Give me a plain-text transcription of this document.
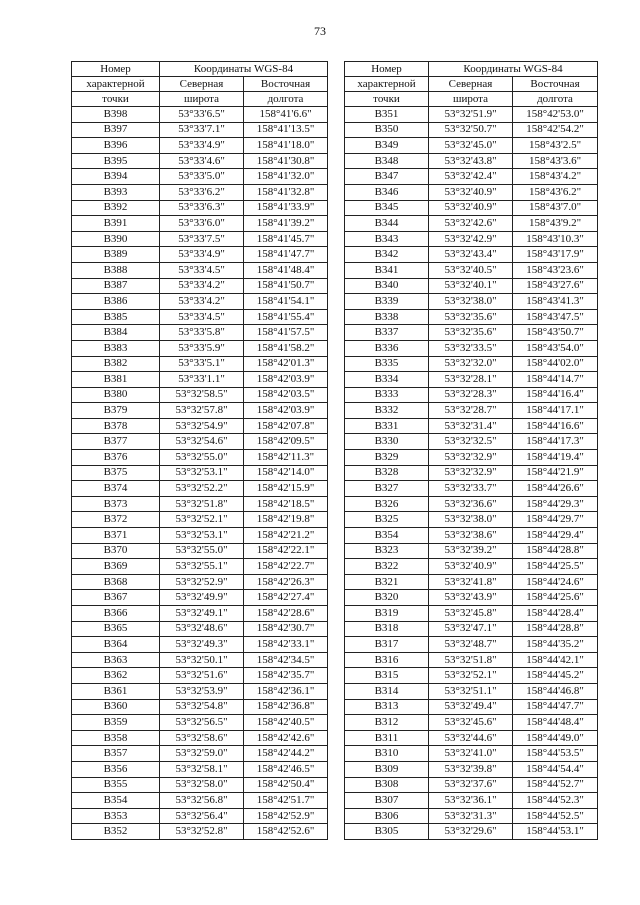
73
Номер	Координаты WGS-84	
характерной	Северная	Восточная
точки	широта	долгота
B398	53°33'6.5"	158°41'6.6"
B397	53°33'7.1"	158°41'13.5"
B396	53°33'4.9"	158°41'18.0"
B395	53°33'4.6"	158°41'30.8"
B394	53°33'5.0"	158°41'32.0"
B393	53°33'6.2"	158°41'32.8"
B392	53°33'6.3"	158°41'33.9"
B391	53°33'6.0"	158°41'39.2"
B390	53°33'7.5"	158°41'45.7"
B389	53°33'4.9"	158°41'47.7"
B388	53°33'4.5"	158°41'48.4"
B387	53°33'4.2"	158°41'50.7"
B386	53°33'4.2"	158°41'54.1"
B385	53°33'4.5"	158°41'55.4"
B384	53°33'5.8"	158°41'57.5"
B383	53°33'5.9"	158°41'58.2"
B382	53°33'5.1"	158°42'01.3"
B381	53°33'1.1"	158°42'03.9"
B380	53°32'58.5"	158°42'03.5"
B379	53°32'57.8"	158°42'03.9"
B378	53°32'54.9"	158°42'07.8"
B377	53°32'54.6"	158°42'09.5"
B376	53°32'55.0"	158°42'11.3"
B375	53°32'53.1"	158°42'14.0"
B374	53°32'52.2"	158°42'15.9"
B373	53°32'51.8"	158°42'18.5"
B372	53°32'52.1"	158°42'19.8"
B371	53°32'53.1"	158°42'21.2"
B370	53°32'55.0"	158°42'22.1"
B369	53°32'55.1"	158°42'22.7"
B368	53°32'52.9"	158°42'26.3"
B367	53°32'49.9"	158°42'27.4"
B366	53°32'49.1"	158°42'28.6"
B365	53°32'48.6"	158°42'30.7"
B364	53°32'49.3"	158°42'33.1"
B363	53°32'50.1"	158°42'34.5"
B362	53°32'51.6"	158°42'35.7"
B361	53°32'53.9"	158°42'36.1"
B360	53°32'54.8"	158°42'36.8"
B359	53°32'56.5"	158°42'40.5"
B358	53°32'58.6"	158°42'42.6"
B357	53°32'59.0"	158°42'44.2"
B356	53°32'58.1"	158°42'46.5"
B355	53°32'58.0"	158°42'50.4"
B354	53°32'56.8"	158°42'51.7"
B353	53°32'56.4"	158°42'52.9"
B352	53°32'52.8"	158°42'52.6"
Номер	Координаты WGS-84	
характерной	Северная	Восточная
точки	широта	долгота
B351	53°32'51.9"	158°42'53.0"
B350	53°32'50.7"	158°42'54.2"
B349	53°32'45.0"	158°43'2.5"
B348	53°32'43.8"	158°43'3.6"
B347	53°32'42.4"	158°43'4.2"
B346	53°32'40.9"	158°43'6.2"
B345	53°32'40.9"	158°43'7.0"
B344	53°32'42.6"	158°43'9.2"
B343	53°32'42.9"	158°43'10.3"
B342	53°32'43.4"	158°43'17.9"
B341	53°32'40.5"	158°43'23.6"
B340	53°32'40.1"	158°43'27.6"
B339	53°32'38.0"	158°43'41.3"
B338	53°32'35.6"	158°43'47.5"
B337	53°32'35.6"	158°43'50.7"
B336	53°32'33.5"	158°43'54.0"
B335	53°32'32.0"	158°44'02.0"
B334	53°32'28.1"	158°44'14.7"
B333	53°32'28.3"	158°44'16.4"
B332	53°32'28.7"	158°44'17.1"
B331	53°32'31.4"	158°44'16.6"
B330	53°32'32.5"	158°44'17.3"
B329	53°32'32.9"	158°44'19.4"
B328	53°32'32.9"	158°44'21.9"
B327	53°32'33.7"	158°44'26.6"
B326	53°32'36.6"	158°44'29.3"
B325	53°32'38.0"	158°44'29.7"
B354	53°32'38.6"	158°44'29.4"
B323	53°32'39.2"	158°44'28.8"
B322	53°32'40.9"	158°44'25.5"
B321	53°32'41.8"	158°44'24.6"
B320	53°32'43.9"	158°44'25.6"
B319	53°32'45.8"	158°44'28.4"
B318	53°32'47.1"	158°44'28.8"
B317	53°32'48.7"	158°44'35.2"
B316	53°32'51.8"	158°44'42.1"
B315	53°32'52.1"	158°44'45.2"
B314	53°32'51.1"	158°44'46.8"
B313	53°32'49.4"	158°44'47.7"
B312	53°32'45.6"	158°44'48.4"
B311	53°32'44.6"	158°44'49.0"
B310	53°32'41.0"	158°44'53.5"
B309	53°32'39.8"	158°44'54.4"
B308	53°32'37.6"	158°44'52.7"
B307	53°32'36.1"	158°44'52.3"
B306	53°32'31.3"	158°44'52.5"
B305	53°32'29.6"	158°44'53.1"
